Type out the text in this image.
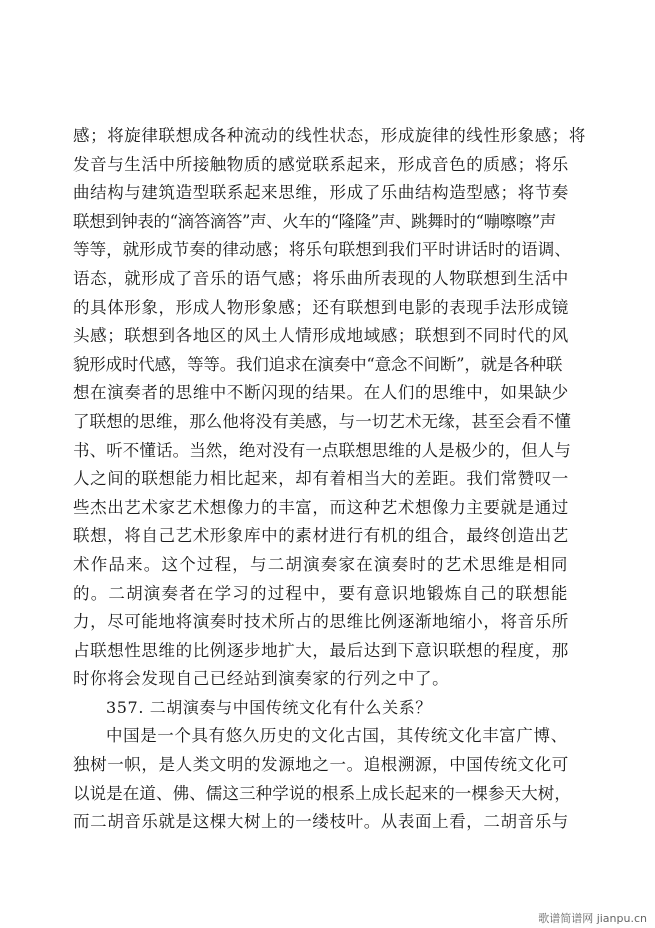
感；将旋律联想成各种流动的线性状态，形成旋律的线性形象感；将
发音与生活中所接触物质的感觉联系起来，形成音色的质感；将乐
曲结构与建筑造型联系起来思维，形成了乐曲结构造型感；将节奏
联想到钟表的“滴答滴答”声、火车的“隆隆”声、跳舞时的“嘣嚓嚓”声
等等，就形成节奏的律动感；将乐句联想到我们平时讲话时的语调、
语态，就形成了音乐的语气感；将乐曲所表现的人物联想到生活中
的具体形象，形成人物形象感；还有联想到电影的表现手法形成镜
头感；联想到各地区的风土人情形成地域感；联想到不同时代的风
貌形成时代感，等等。我们追求在演奏中“意念不间断”，就是各种联
想在演奏者的思维中不断闪现的结果。在人们的思维中，如果缺少
了联想的思维，那么他将没有美感，与一切艺术无缘，甚至会看不懂
书、听不懂话。当然，绝对没有一点联想思维的人是极少的，但人与
人之间的联想能力相比起来，却有着相当大的差距。我们常赞叹一
些杰出艺术家艺术想像力的丰富，而这种艺术想像力主要就是通过
联想，将自己艺术形象库中的素材进行有机的组合，最终创造出艺
术作品来。这个过程，与二胡演奏家在演奏时的艺术思维是相同
的。二胡演奏者在学习的过程中，要有意识地锻炼自己的联想能
力，尽可能地将演奏时技术所占的思维比例逐渐地缩小，将音乐所
占联想性思维的比例逐步地扩大，最后达到下意识联想的程度，那
时你将会发现自己已经站到演奏家的行列之中了。
357. 二胡演奏与中国传统文化有什么关系？
中国是一个具有悠久历史的文化古国，其传统文化丰富广博、
独树一帜，是人类文明的发源地之一。追根溯源，中国传统文化可
以说是在道、佛、儒这三种学说的根系上成长起来的一棵参天大树，
而二胡音乐就是这棵大树上的一缕枝叶。从表面上看，二胡音乐与
歌谱简谱网 jianpu.cn
